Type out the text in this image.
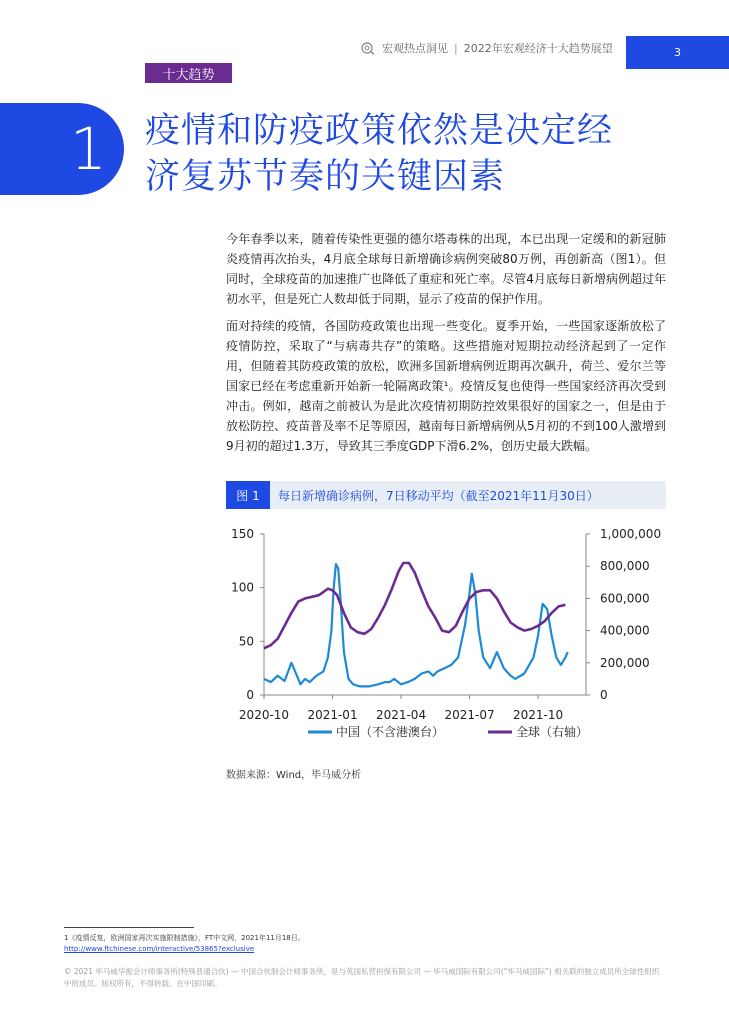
宏观热点洞见 | 2022年宏观经济十大趋势展望	3
十大趋势
1 疫情和防疫政策依然是决定经
济复苏节奏的关键因素
今年春季以来，随着传染性更强的德尔塔毒株的出现，本已出现一定缓和的新冠肺炎疫情再次抬头，4月底全球每日新增确诊病例突破80万例，再创新高（图1）。但同时，全球疫苗的加速推广也降低了重症和死亡率。尽管4月底每日新增病例超过年初水平，但是死亡人数却低于同期，显示了疫苗的保护作用。
面对持续的疫情，各国防疫政策也出现一些变化。夏季开始，一些国家逐渐放松了疫情防控，采取了“与病毒共存”的策略。这些措施对短期拉动经济起到了一定作用，但随着其防疫政策的放松，欧洲多国新增病例近期再次飙升，荷兰、爱尔兰等国家已经在考虑重新开始新一轮隔离政策¹。疫情反复也使得一些国家经济再次受到冲击。例如，越南之前被认为是此次疫情初期防控效果很好的国家之一，但是由于放松防控、疫苗普及率不足等原因，越南每日新增病例从5月初的不到100人激增到9月初的超过1.3万，导致其三季度GDP下滑6.2%，创历史最大跌幅。
图 1	每日新增确诊病例，7日移动平均（截至2021年11月30日）
0
50
100
150
0
200,000
400,000
600,000
800,000
1,000,000
2020-10 2021-01 2021-04 2021-07 2021-10
中国（不含港澳台）	全球（右轴）
数据来源：Wind，毕马威分析
1《疫情反复，欧洲国家再次实施限制措施》，FT中文网，2021年11月18日。
http://www.ftchinese.com/interactive/53865?exclusive
© 2021 毕马威华振会计师事务所(特殊普通合伙) — 中国合伙制会计师事务所，是与英国私营担保有限公司 — 毕马威国际有限公司(“毕马威国际”) 相关联的独立成员所全球性组织中的成员。版权所有，不得转载。在中国印刷。
